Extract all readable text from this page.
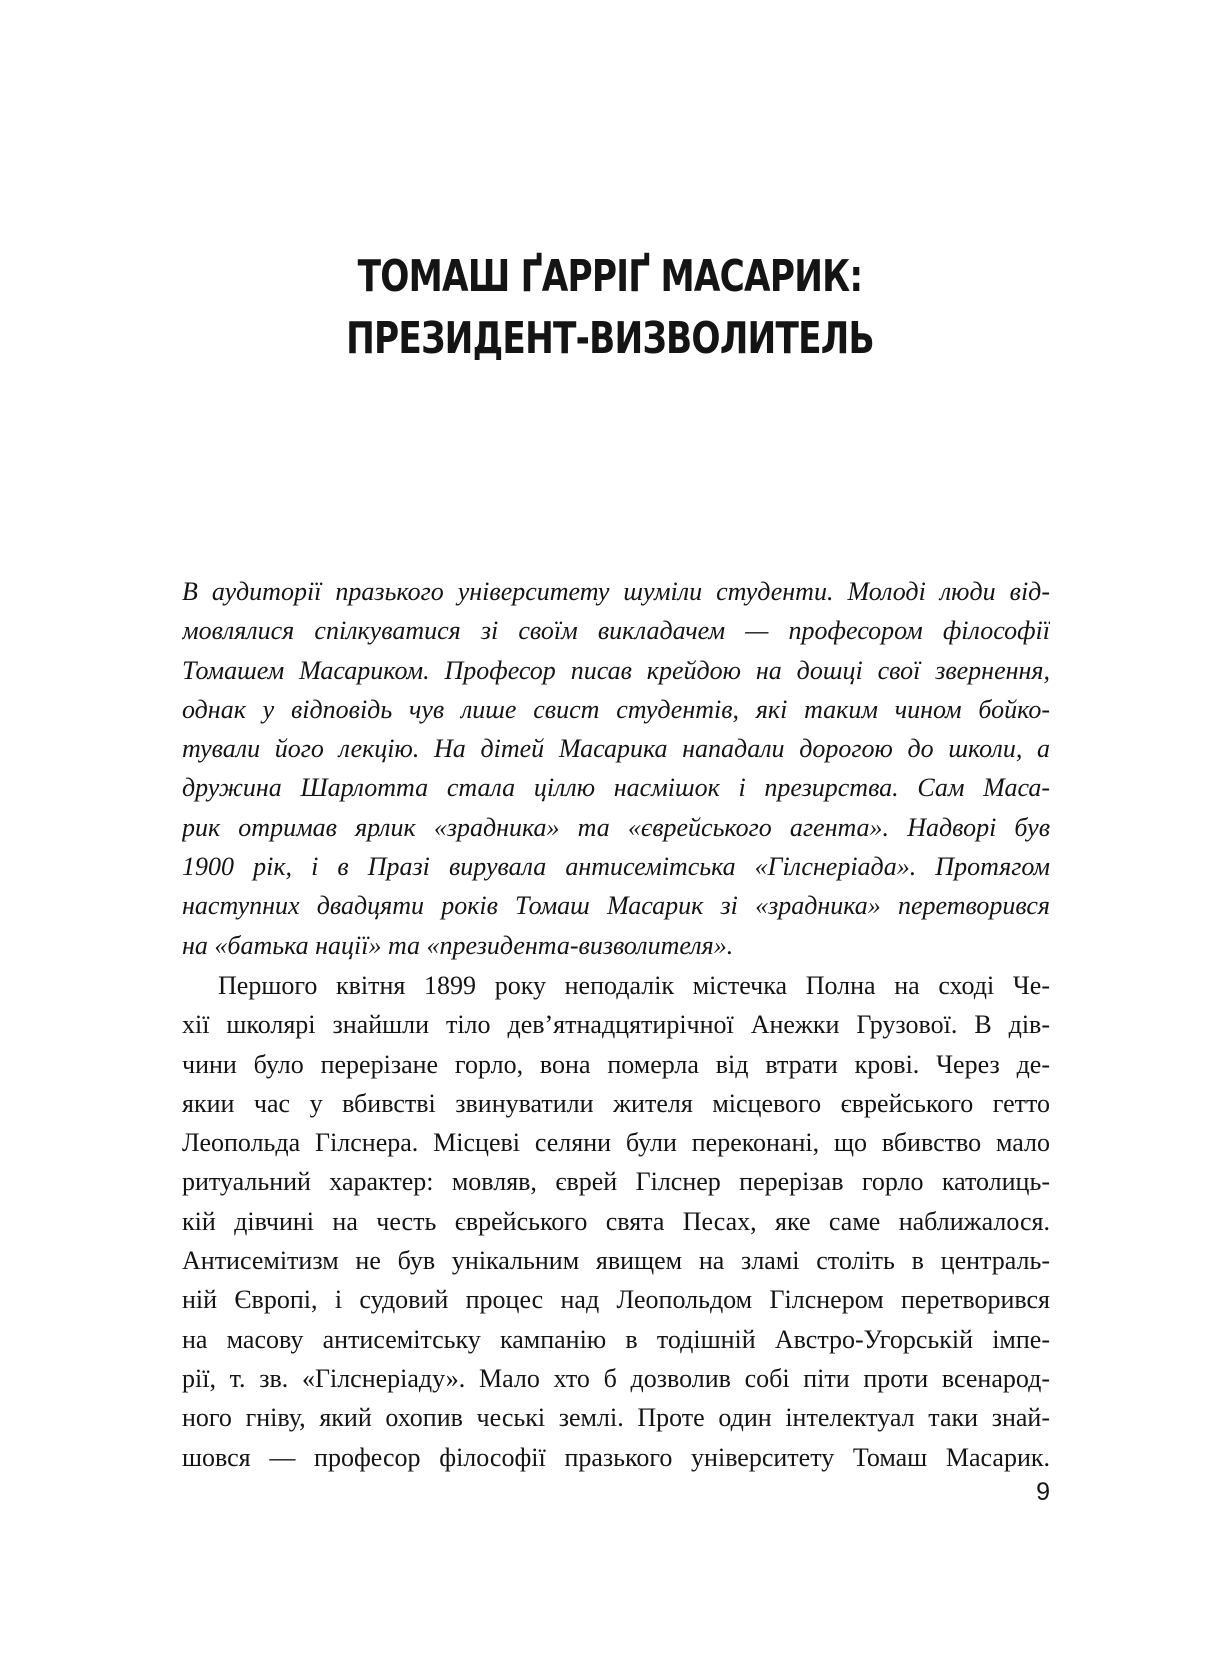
ТОМАШ ҐАРРІҐ МАСАРИК:
ПРЕЗИДЕНТ-ВИЗВОЛИТЕЛЬ
В аудиторії празького університету шуміли студенти. Молоді люди від-
мовлялися спілкуватися зі своїм викладачем — професором філософії
Томашем Масариком. Професор писав крейдою на дошці свої звернення,
однак у відповідь чув лише свист студентів, які таким чином бойко-
тували його лекцію. На дітей Масарика нападали дорогою до школи, а
дружина Шарлотта стала ціллю насмішок і презирства. Сам Маса-
рик отримав ярлик «зрадника» та «єврейського агента». Надворі був
1900 рік, і в Празі вирувала антисемітська «Гілснеріада». Протягом
наступних двадцяти років Томаш Масарик зі «зрадника» перетворився
на «батька нації» та «президента-визволителя».
Першого квітня 1899 року неподалік містечка Полна на сході Че-
хії школярі знайшли тіло дев’ятнадцятирічної Анежки Грузової. В дів-
чини було перерізане горло, вона померла від втрати крові. Через де-
якии час у вбивстві звинуватили жителя місцевого єврейського гетто
Леопольда Гілснера. Місцеві селяни були переконані, що вбивство мало
ритуальний характер: мовляв, єврей Гілснер перерізав горло католиць-
кій дівчині на честь єврейського свята Песах, яке саме наближалося.
Антисемітизм не був унікальним явищем на зламі століть в централь-
ній Європі, і судовий процес над Леопольдом Гілснером перетворився
на масову антисемітську кампанію в тодішній Австро-Угорській імпе-
рії, т. зв. «Гілснеріаду». Мало хто б дозволив собі піти проти всенарод-
ного гніву, який охопив чеські землі. Проте один інтелектуал таки знай-
шовся — професор філософії празького університету Томаш Масарик.
9
